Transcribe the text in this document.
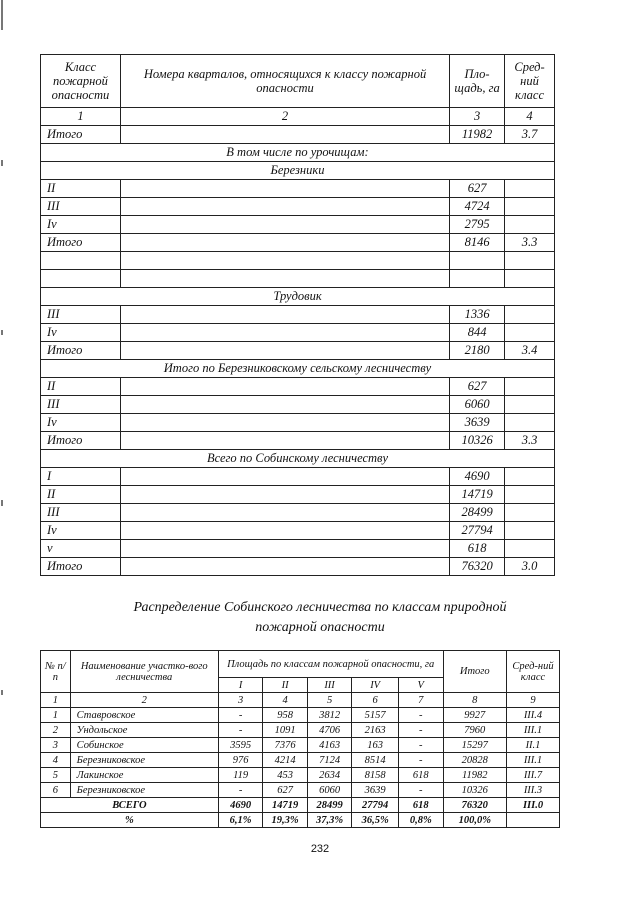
Класс пожарной опасности	Номера кварталов, относящихся к классу пожарной опасности	Пло-щадь, га	Сред-ний класс
1	2	3	4
Итого		11982	3.7
В том числе по урочищам:			
Березники			
II		627	
III		4724	
Iv		2795	
Итого		8146	3.3

Трудовик			
III		1336	
Iv		844	
Итого		2180	3.4
Итого по Березниковскому сельскому лесничеству			
II		627	
III		6060	
Iv		3639	
Итого		10326	3.3
Всего по Собинскому лесничеству			
I		4690	
II		14719	
III		28499	
Iv		27794	
v		618	
Итого		76320	3.0
Распределение Собинского лесничества по классам природной
пожарной опасности
№ п/п	Наименование участко-вого лесничества	Площадь по классам пожарной опасности, га					Итого	Сред-ний класс
		I	II	III	IV	V		
1	2	3	4	5	6	7	8	9
1	Ставровское	-	958	3812	5157	-	9927	III.4
2	Ундольское	-	1091	4706	2163	-	7960	III.1
3	Собинское	3595	7376	4163	163	-	15297	II.1
4	Березниковское	976	4214	7124	8514	-	20828	III.1
5	Лакинское	119	453	2634	8158	618	11982	III.7
6	Березниковское	-	627	6060	3639	-	10326	III.3
ВСЕГО		4690	14719	28499	27794	618	76320	III.0
%		6,1%	19,3%	37,3%	36,5%	0,8%	100,0%	
232
